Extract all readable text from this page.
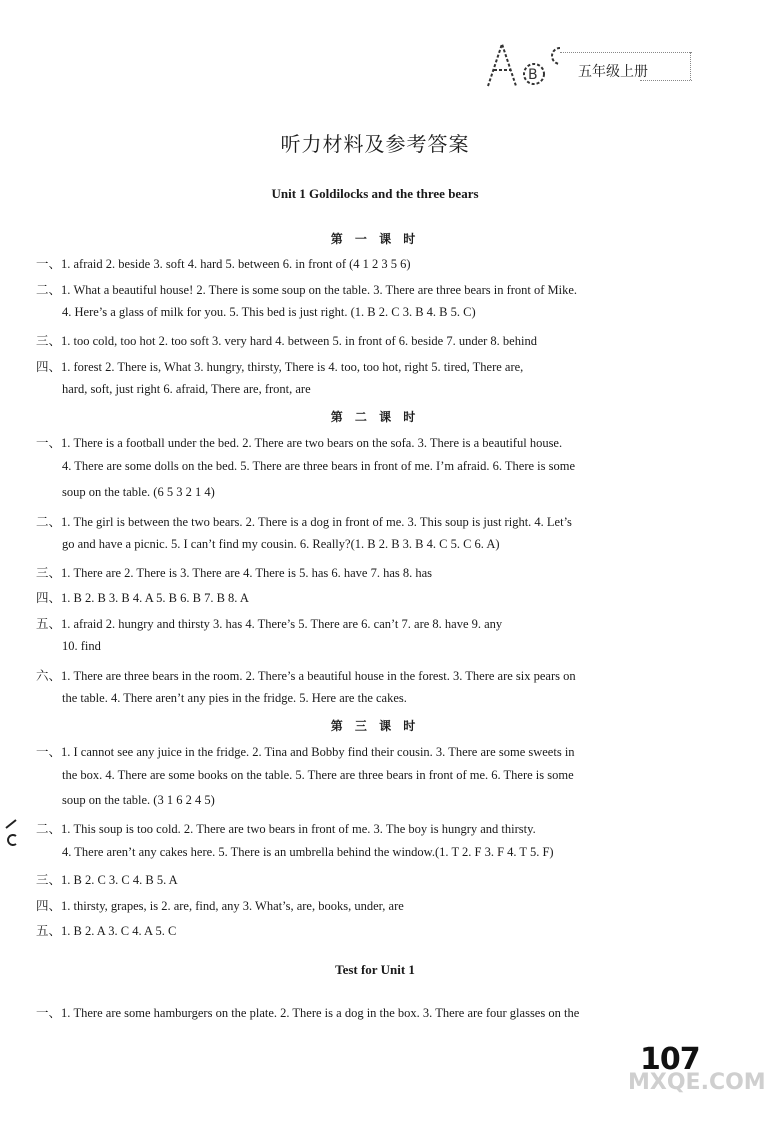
B	五年级上册
听力材料及参考答案
Unit 1 Goldilocks and the three bears
第 一 课 时
一、1. afraid 2. beside 3. soft 4. hard 5. between 6. in front of (4 1 2 3 5 6)
二、1. What a beautiful house! 2. There is some soup on the table. 3. There are three bears in front of Mike.
4. Here’s a glass of milk for you. 5. This bed is just right. (1. B 2. C 3. B 4. B 5. C)
三、1. too cold, too hot 2. too soft 3. very hard 4. between 5. in front of 6. beside 7. under 8. behind
四、1. forest 2. There is, What 3. hungry, thirsty, There is 4. too, too hot, right 5. tired, There are,
hard, soft, just right 6. afraid, There are, front, are
第 二 课 时
一、1. There is a football under the bed. 2. There are two bears on the sofa. 3. There is a beautiful house.
4. There are some dolls on the bed. 5. There are three bears in front of me. I’m afraid. 6. There is some
soup on the table. (6 5 3 2 1 4)
二、1. The girl is between the two bears. 2. There is a dog in front of me. 3. This soup is just right. 4. Let’s
go and have a picnic. 5. I can’t find my cousin. 6. Really?(1. B 2. B 3. B 4. C 5. C 6. A)
三、1. There are 2. There is 3. There are 4. There is 5. has 6. have 7. has 8. has
四、1. B 2. B 3. B 4. A 5. B 6. B 7. B 8. A
五、1. afraid 2. hungry and thirsty 3. has 4. There’s 5. There are 6. can’t 7. are 8. have 9. any
10. find
六、1. There are three bears in the room. 2. There’s a beautiful house in the forest. 3. There are six pears on
the table. 4. There aren’t any pies in the fridge. 5. Here are the cakes.
第 三 课 时
一、1. I cannot see any juice in the fridge. 2. Tina and Bobby find their cousin. 3. There are some sweets in
the box. 4. There are some books on the table. 5. There are three bears in front of me. 6. There is some
soup on the table. (3 1 6 2 4 5)
二、1. This soup is too cold. 2. There are two bears in front of me. 3. The boy is hungry and thirsty.
4. There aren’t any cakes here. 5. There is an umbrella behind the window.(1. T 2. F 3. F 4. T 5. F)
三、1. B 2. C 3. C 4. B 5. A
四、1. thirsty, grapes, is 2. are, find, any 3. What’s, are, books, under, are
五、1. B 2. A 3. C 4. A 5. C
Test for Unit 1
一、1. There are some hamburgers on the plate. 2. There is a dog in the box. 3. There are four glasses on the
107
MXQE.COM
